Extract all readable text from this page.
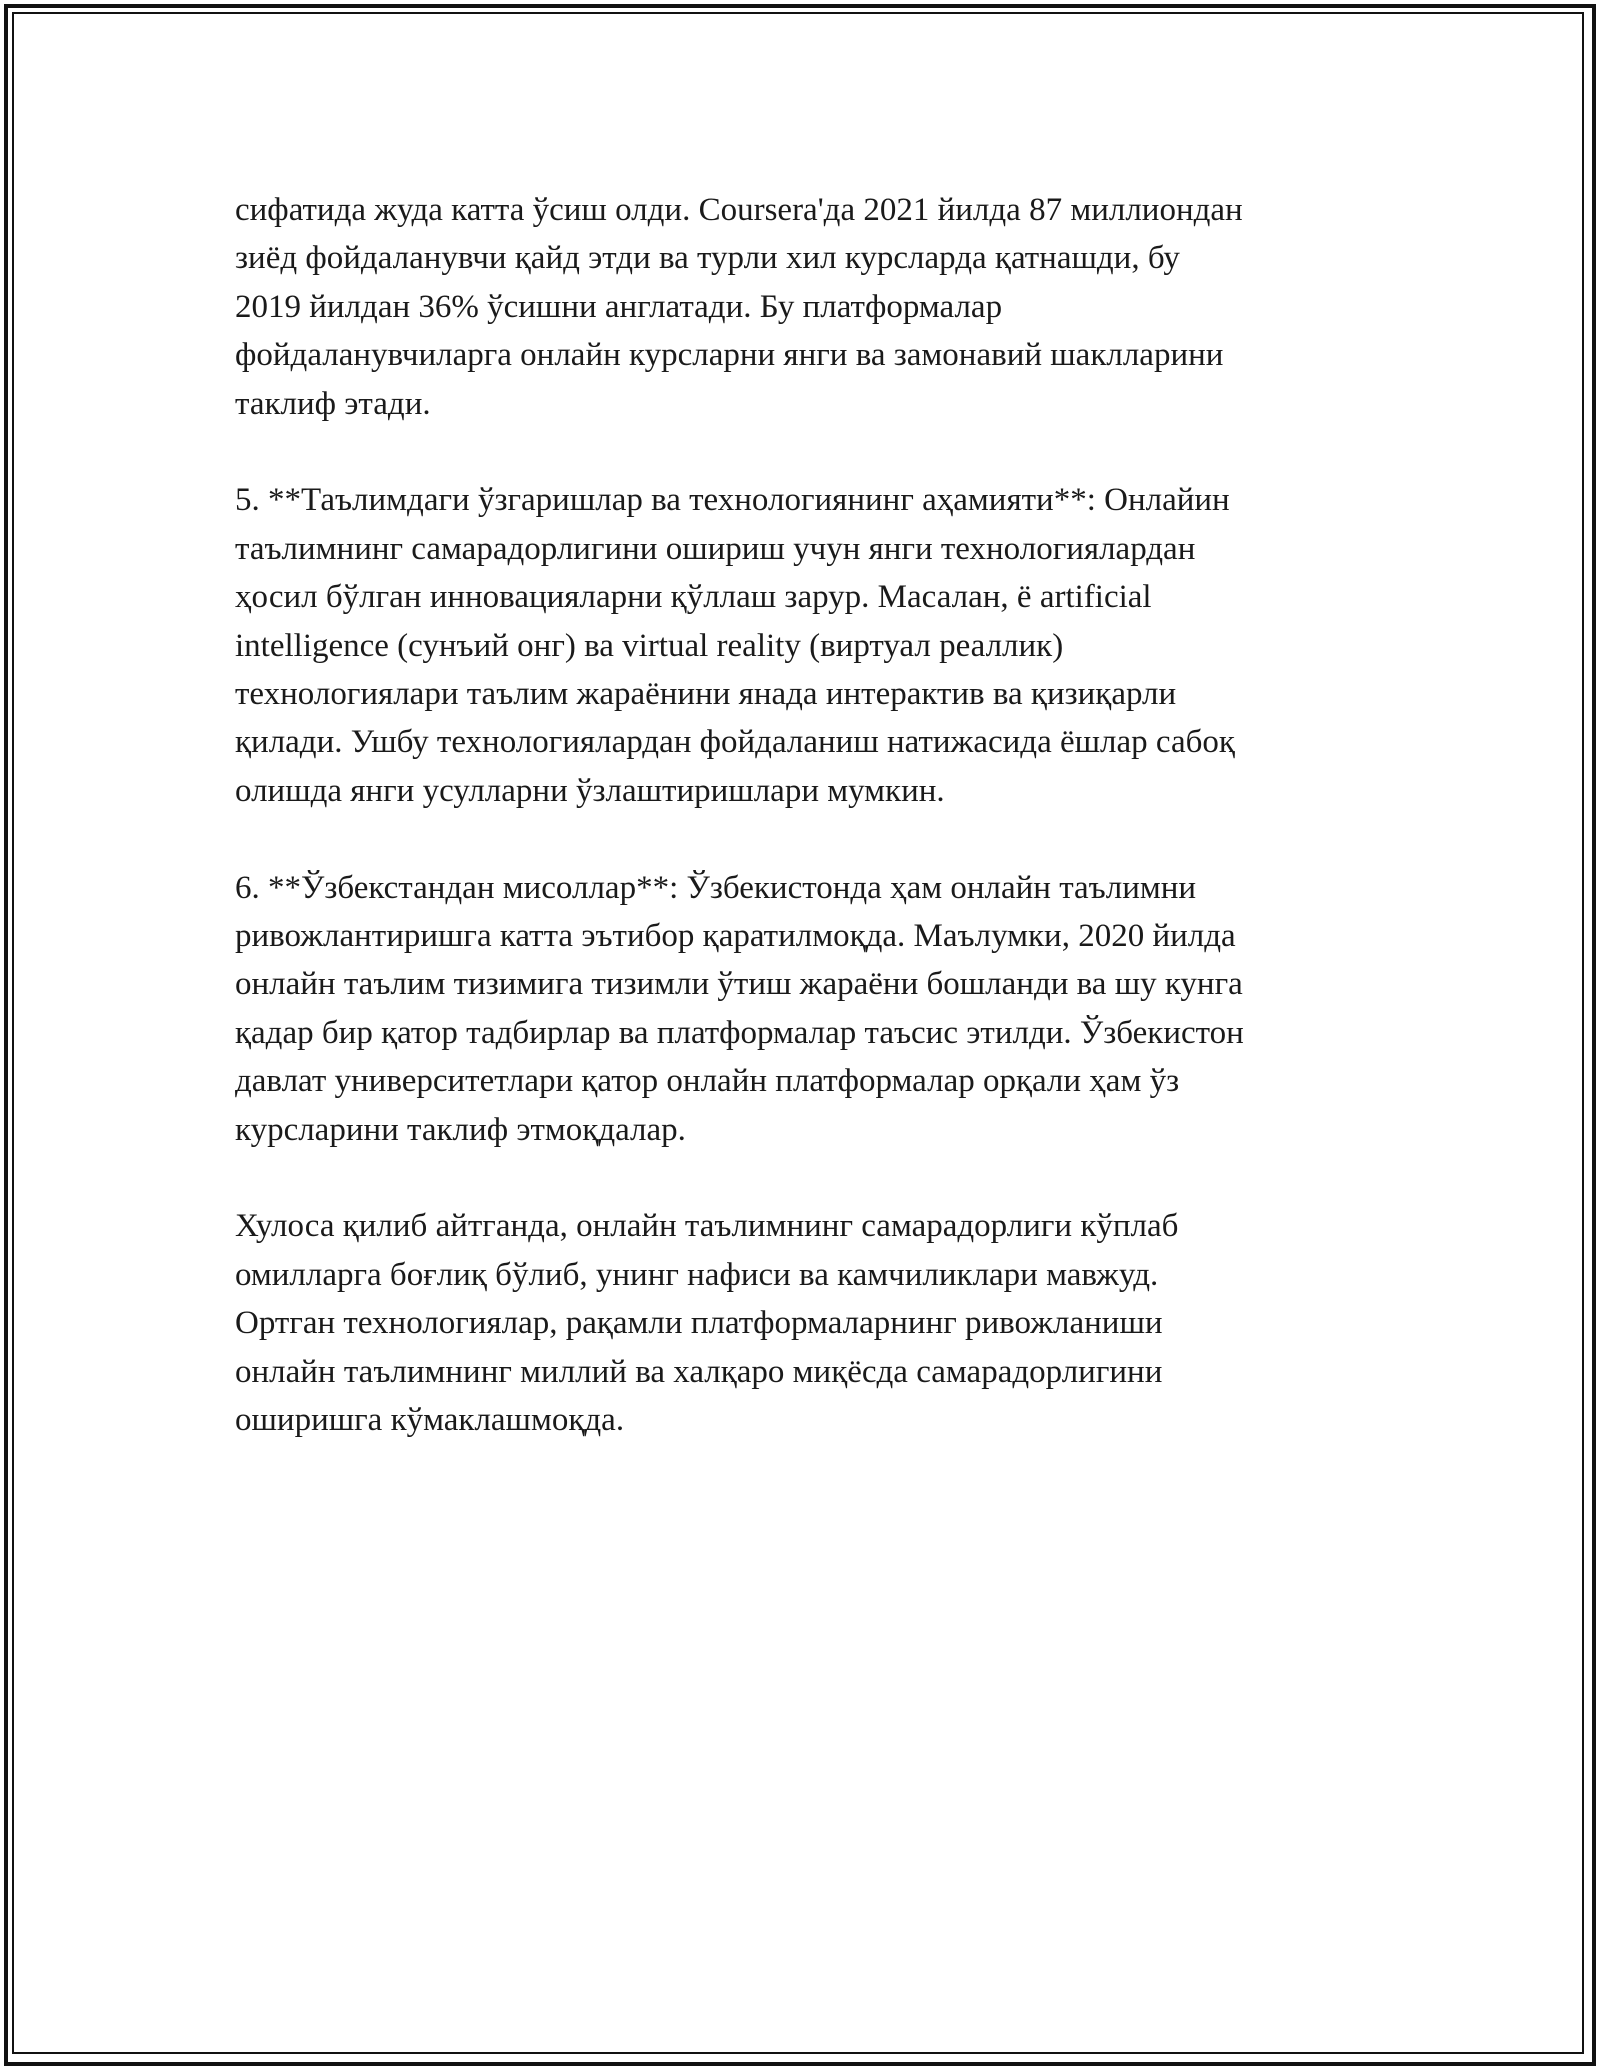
сифатида жуда катта ўсиш олди. Coursera'да 2021 йилда 87 миллиондан
зиёд фойдаланувчи қайд этди ва турли хил курсларда қатнашди, бу
2019 йилдан 36% ўсишни англатади. Бу платформалар
фойдаланувчиларга онлайн курсларни янги ва замонавий шаклларини
таклиф этади.

5. **Таълимдаги ўзгаришлар ва технологиянинг аҳамияти**: Онлайин
таълимнинг самарадорлигини ошириш учун янги технологиялардан
ҳосил бўлган инновацияларни қўллаш зарур. Масалан, ё artificial
intelligence (сунъий онг) ва virtual reality (виртуал реаллик)
технологиялари таълим жараёнини янада интерактив ва қизиқарли
қилади. Ушбу технологиялардан фойдаланиш натижасида ёшлар сабоқ
олишда янги усулларни ўзлаштиришлари мумкин.

6. **Ўзбекстандан мисоллар**: Ўзбекистонда ҳам онлайн таълимни
ривожлантиришга катта эътибор қаратилмоқда. Маълумки, 2020 йилда
онлайн таълим тизимига тизимли ўтиш жараёни бошланди ва шу кунга
қадар бир қатор тадбирлар ва платформалар таъсис этилди. Ўзбекистон
давлат университетлари қатор онлайн платформалар орқали ҳам ўз
курсларини таклиф этмоқдалар.

Хулоса қилиб айтганда, онлайн таълимнинг самарадорлиги кўплаб
омилларга боғлиқ бўлиб, унинг нафиси ва камчиликлари мавжуд.
Ортган технологиялар, рақамли платформаларнинг ривожланиши
онлайн таълимнинг миллий ва халқаро миқёсда самарадорлигини
оширишга кўмаклашмоқда.
